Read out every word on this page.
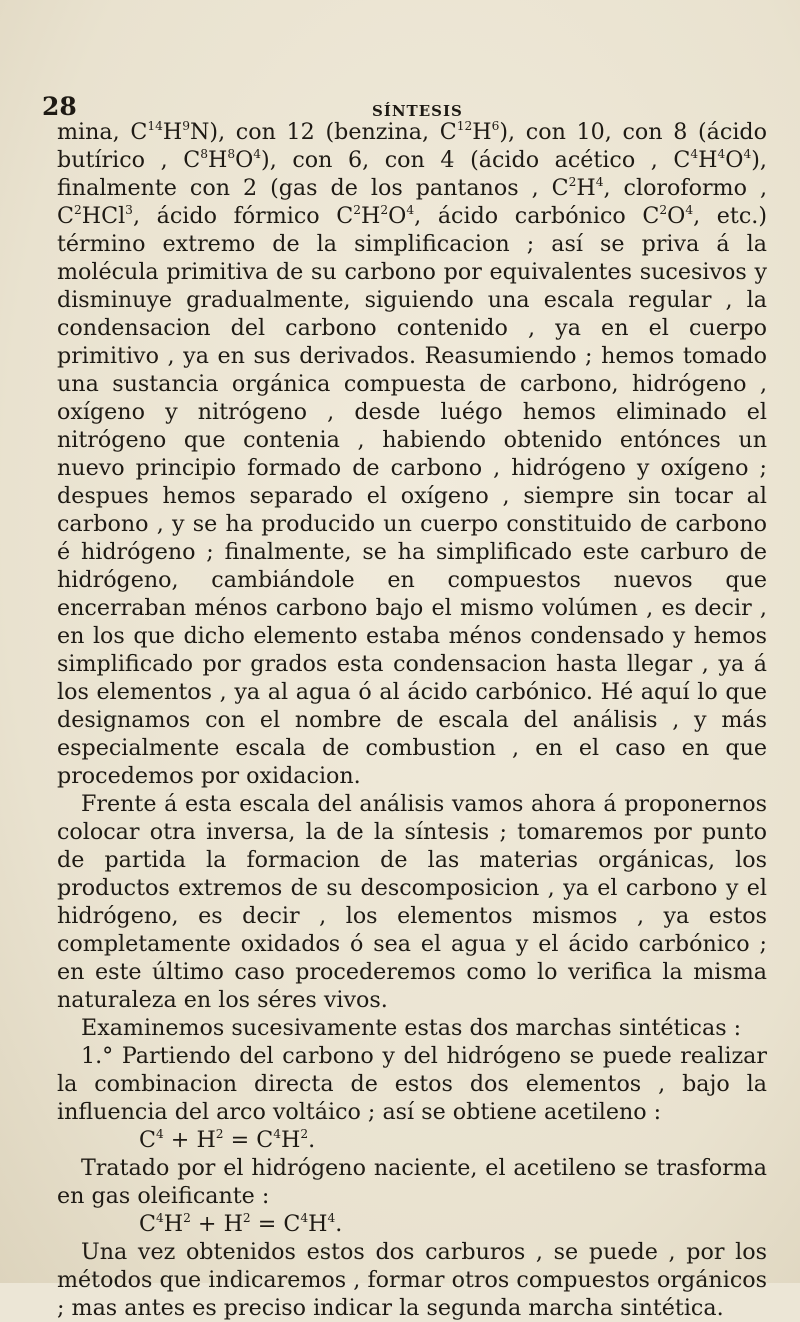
28	SÍNTESIS

mina, $C^{14}H^9N$), con 12 (benzina, $C^{12}H^6$), con 10, con 8 (ácido butírico , $C^8H^8O^4$), con 6, con 4 (ácido acético , $C^4H^4O^4$), finalmente con 2 (gas de los pantanos , $C^2H^4$, cloroformo , $C^2HCl^3$, ácido fórmico $C^2H^2O^4$, ácido carbónico $C^2O^4$, etc.) término extremo de la simplificacion ; así se priva á la molécula primitiva de su carbono por equivalentes sucesivos y disminuye gradualmente, siguiendo una escala regular , la condensacion del carbono contenido , ya en el cuerpo primitivo , ya en sus derivados. Reasumiendo ; hemos tomado una sustancia orgánica compuesta de carbono, hidrógeno , oxígeno y nitrógeno , desde luégo hemos eliminado el nitrógeno que contenia , habiendo obtenido entónces un nuevo principio formado de carbono , hidrógeno y oxígeno ; despues hemos separado el oxígeno , siempre sin tocar al carbono , y se ha producido un cuerpo constituido de carbono é hidrógeno ; finalmente, se ha simplificado este carburo de hidrógeno, cambiándole en compuestos nuevos que encerraban ménos carbono bajo el mismo volúmen , es decir , en los que dicho elemento estaba ménos condensado y hemos simplificado por grados esta condensacion hasta llegar , ya á los elementos , ya al agua ó al ácido carbónico. Hé aquí lo que designamos con el nombre de escala del análisis , y más especialmente escala de combustion , en el caso en que procedemos por oxidacion.

Frente á esta escala del análisis vamos ahora á proponernos colocar otra inversa, la de la síntesis ; tomaremos por punto de partida la formacion de las materias orgánicas, los productos extremos de su descomposicion , ya el carbono y el hidrógeno, es decir , los elementos mismos , ya estos completamente oxidados ó sea el agua y el ácido carbónico ; en este último caso procederemos como lo verifica la misma naturaleza en los séres vivos.

Examinemos sucesivamente estas dos marchas sintéticas :

1.° Partiendo del carbono y del hidrógeno se puede realizar la combinacion directa de estos dos elementos , bajo la influencia del arco voltáico ; así se obtiene acetileno :

$C^4 + H^2 = C^4H^2$.

Tratado por el hidrógeno naciente, el acetileno se trasforma en gas oleificante :

$C^4H^2 + H^2 = C^4H^4$.

Una vez obtenidos estos dos carburos , se puede , por los métodos que indicaremos , formar otros compuestos orgánicos ; mas antes es preciso indicar la segunda marcha sintética.
